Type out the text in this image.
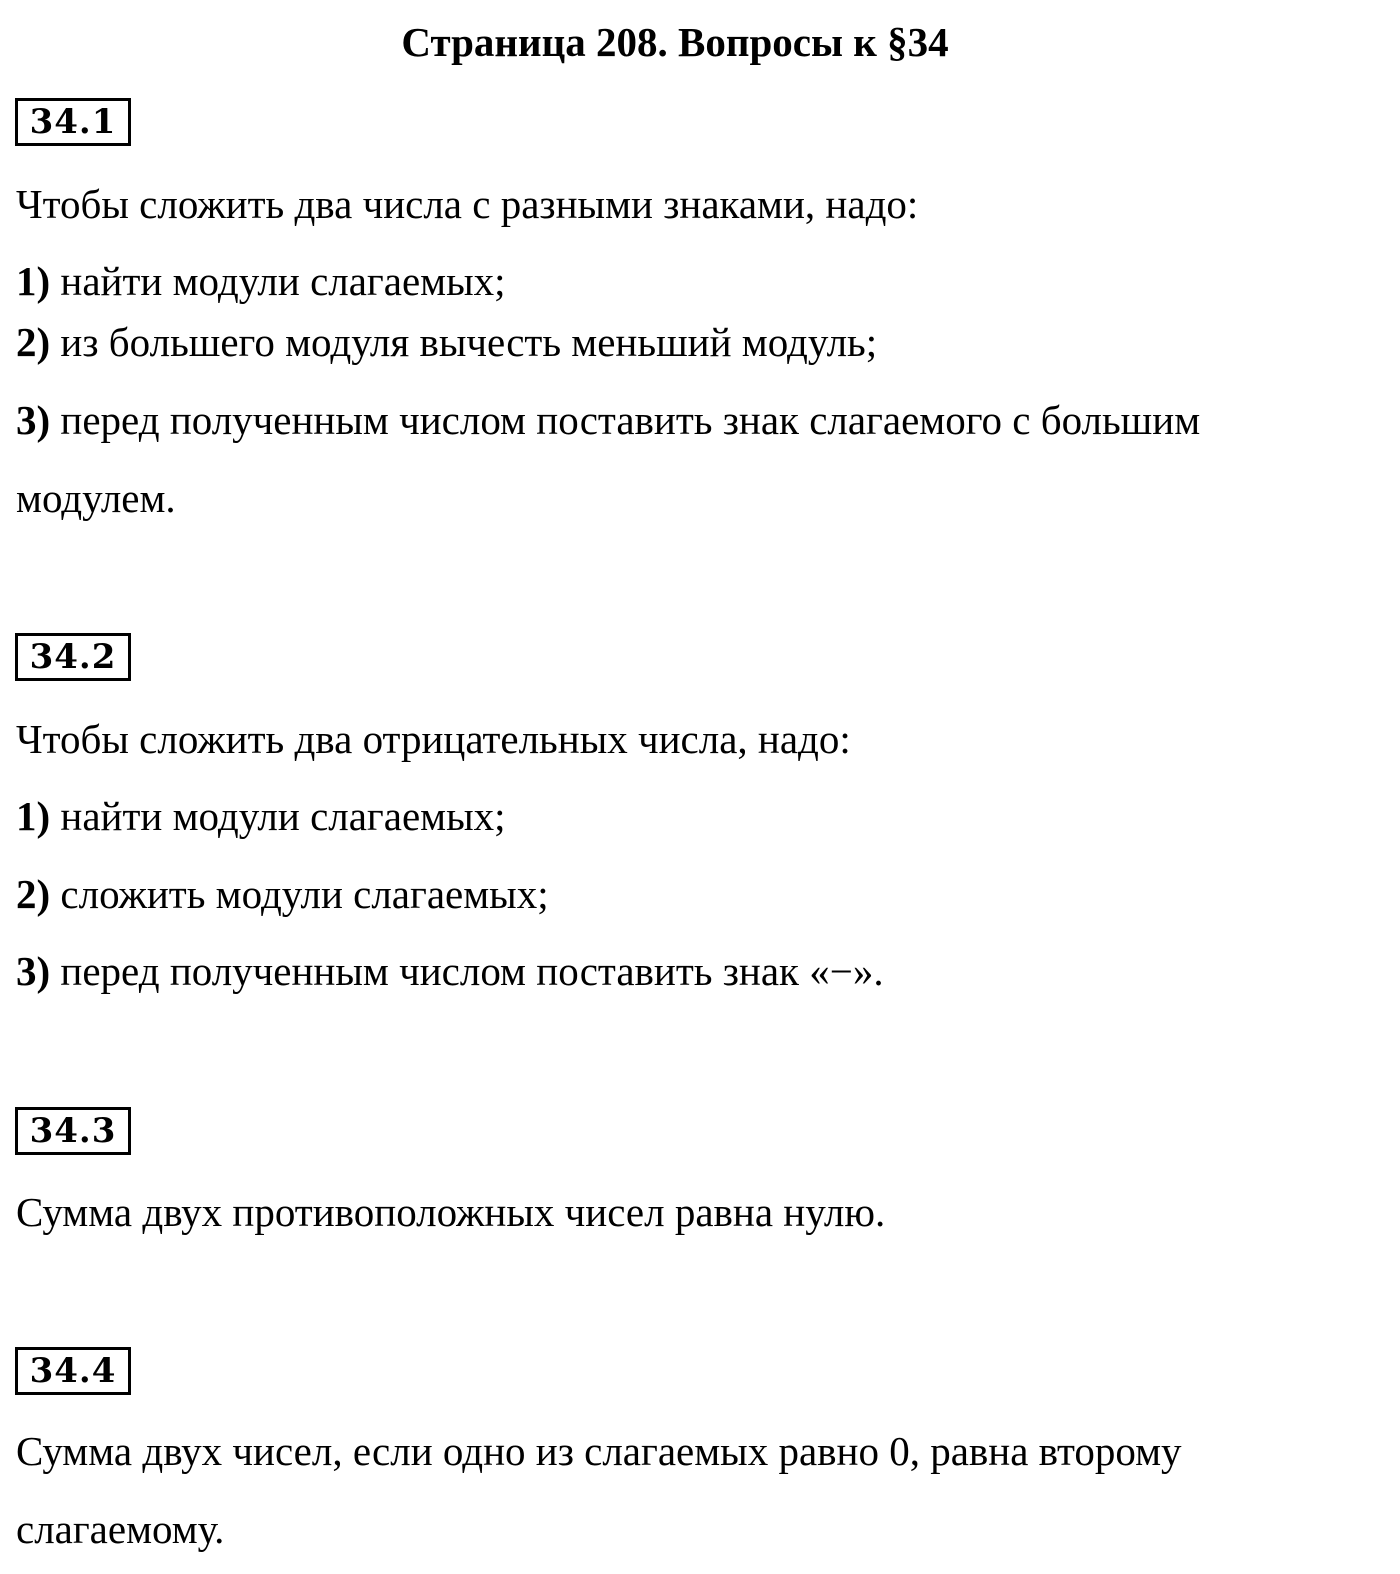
Страница 208. Вопросы к §34
34.1
Чтобы сложить два числа с разными знаками, надо:
1) найти модули слагаемых;
2) из большего модуля вычесть меньший модуль;
3) перед полученным числом поставить знак слагаемого с большим
модулем.
34.2
Чтобы сложить два отрицательных числа, надо:
1) найти модули слагаемых;
2) сложить модули слагаемых;
3) перед полученным числом поставить знак «−».
34.3
Сумма двух противоположных чисел равна нулю.
34.4
Сумма двух чисел, если одно из слагаемых равно 0, равна второму
слагаемому.
